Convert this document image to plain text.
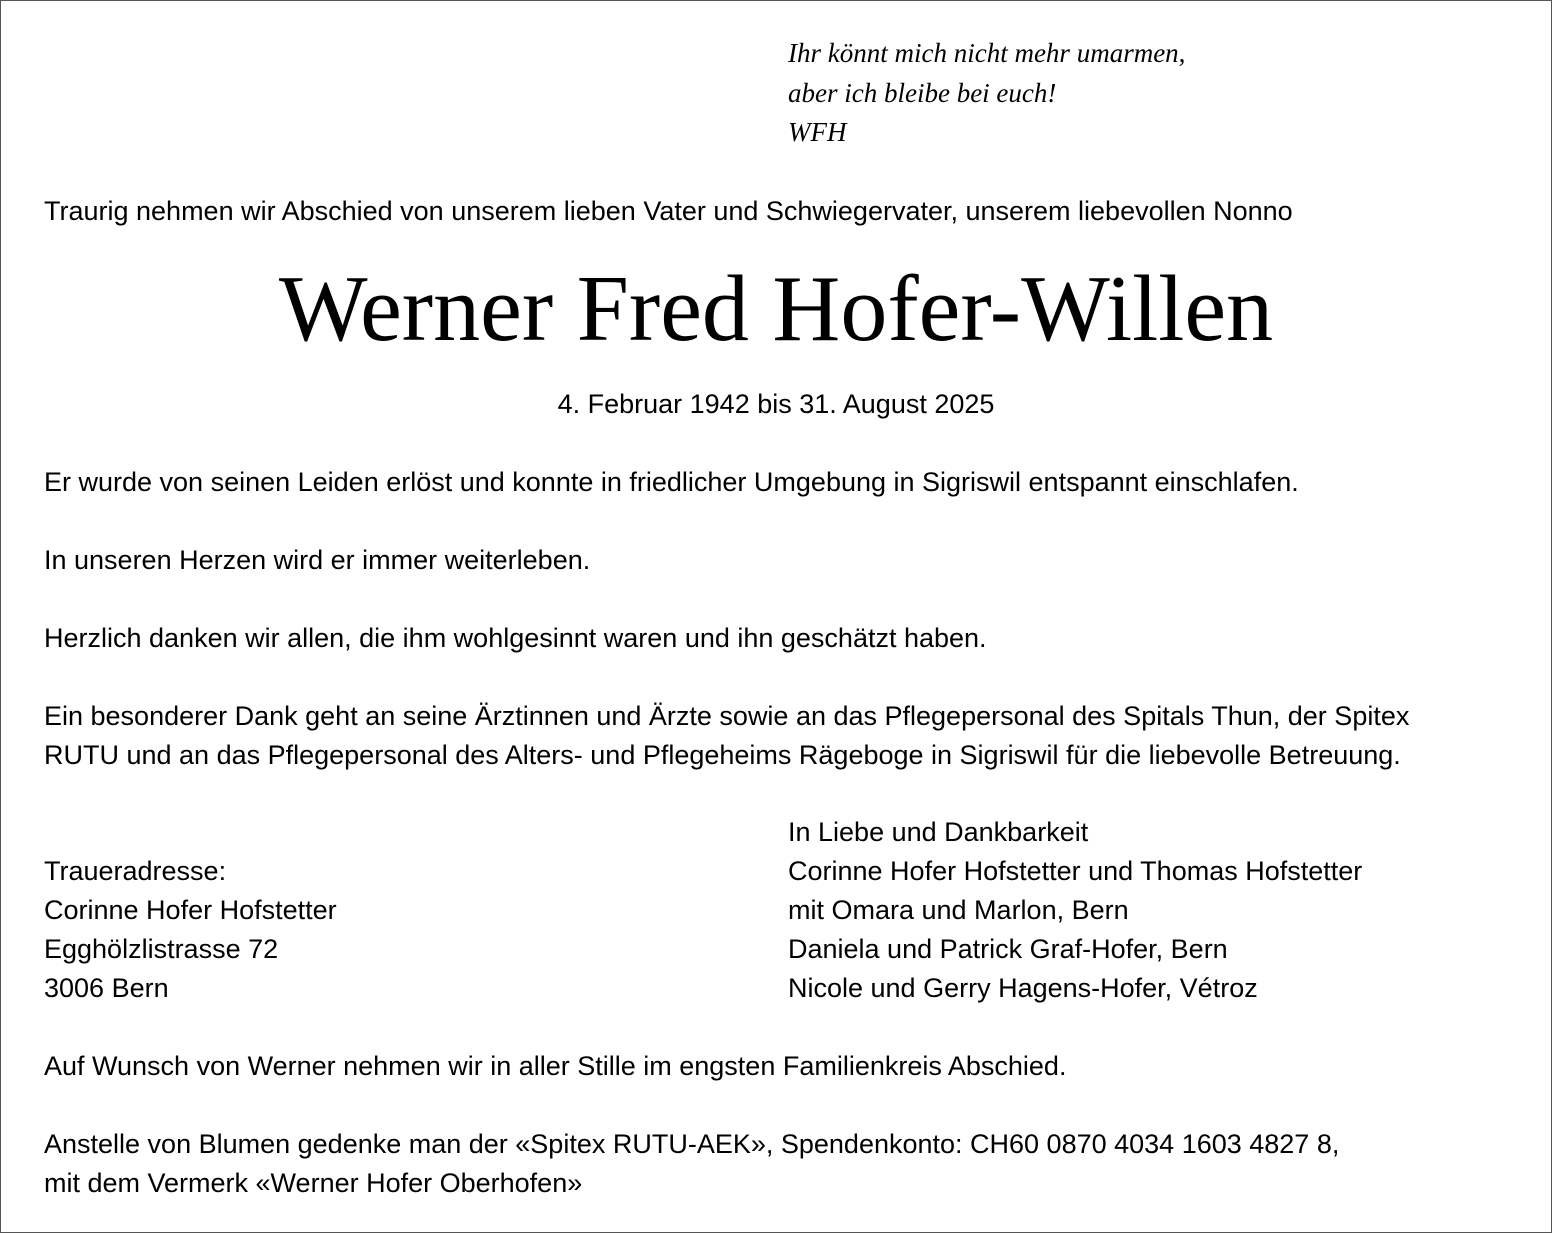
Ihr könnt mich nicht mehr umarmen,
aber ich bleibe bei euch!
WFH
Traurig nehmen wir Abschied von unserem lieben Vater und Schwiegervater, unserem liebevollen Nonno
Werner Fred Hofer-Willen
4. Februar 1942 bis 31. August 2025
Er wurde von seinen Leiden erlöst und konnte in friedlicher Umgebung in Sigriswil entspannt einschlafen.
In unseren Herzen wird er immer weiterleben.
Herzlich danken wir allen, die ihm wohlgesinnt waren und ihn geschätzt haben.
Ein besonderer Dank geht an seine Ärztinnen und Ärzte sowie an das Pflegepersonal des Spitals Thun, der Spitex
RUTU und an das Pflegepersonal des Alters- und Pflegeheims Rägeboge in Sigriswil für die liebevolle Betreuung.
Traueradresse:
Corinne Hofer Hofstetter
Egghölzlistrasse 72
3006 Bern
In Liebe und Dankbarkeit
Corinne Hofer Hofstetter und Thomas Hofstetter
mit Omara und Marlon, Bern
Daniela und Patrick Graf-Hofer, Bern
Nicole und Gerry Hagens-Hofer, Vétroz
Auf Wunsch von Werner nehmen wir in aller Stille im engsten Familienkreis Abschied.
Anstelle von Blumen gedenke man der «Spitex RUTU-AEK», Spendenkonto: CH60 0870 4034 1603 4827 8,
mit dem Vermerk «Werner Hofer Oberhofen»
